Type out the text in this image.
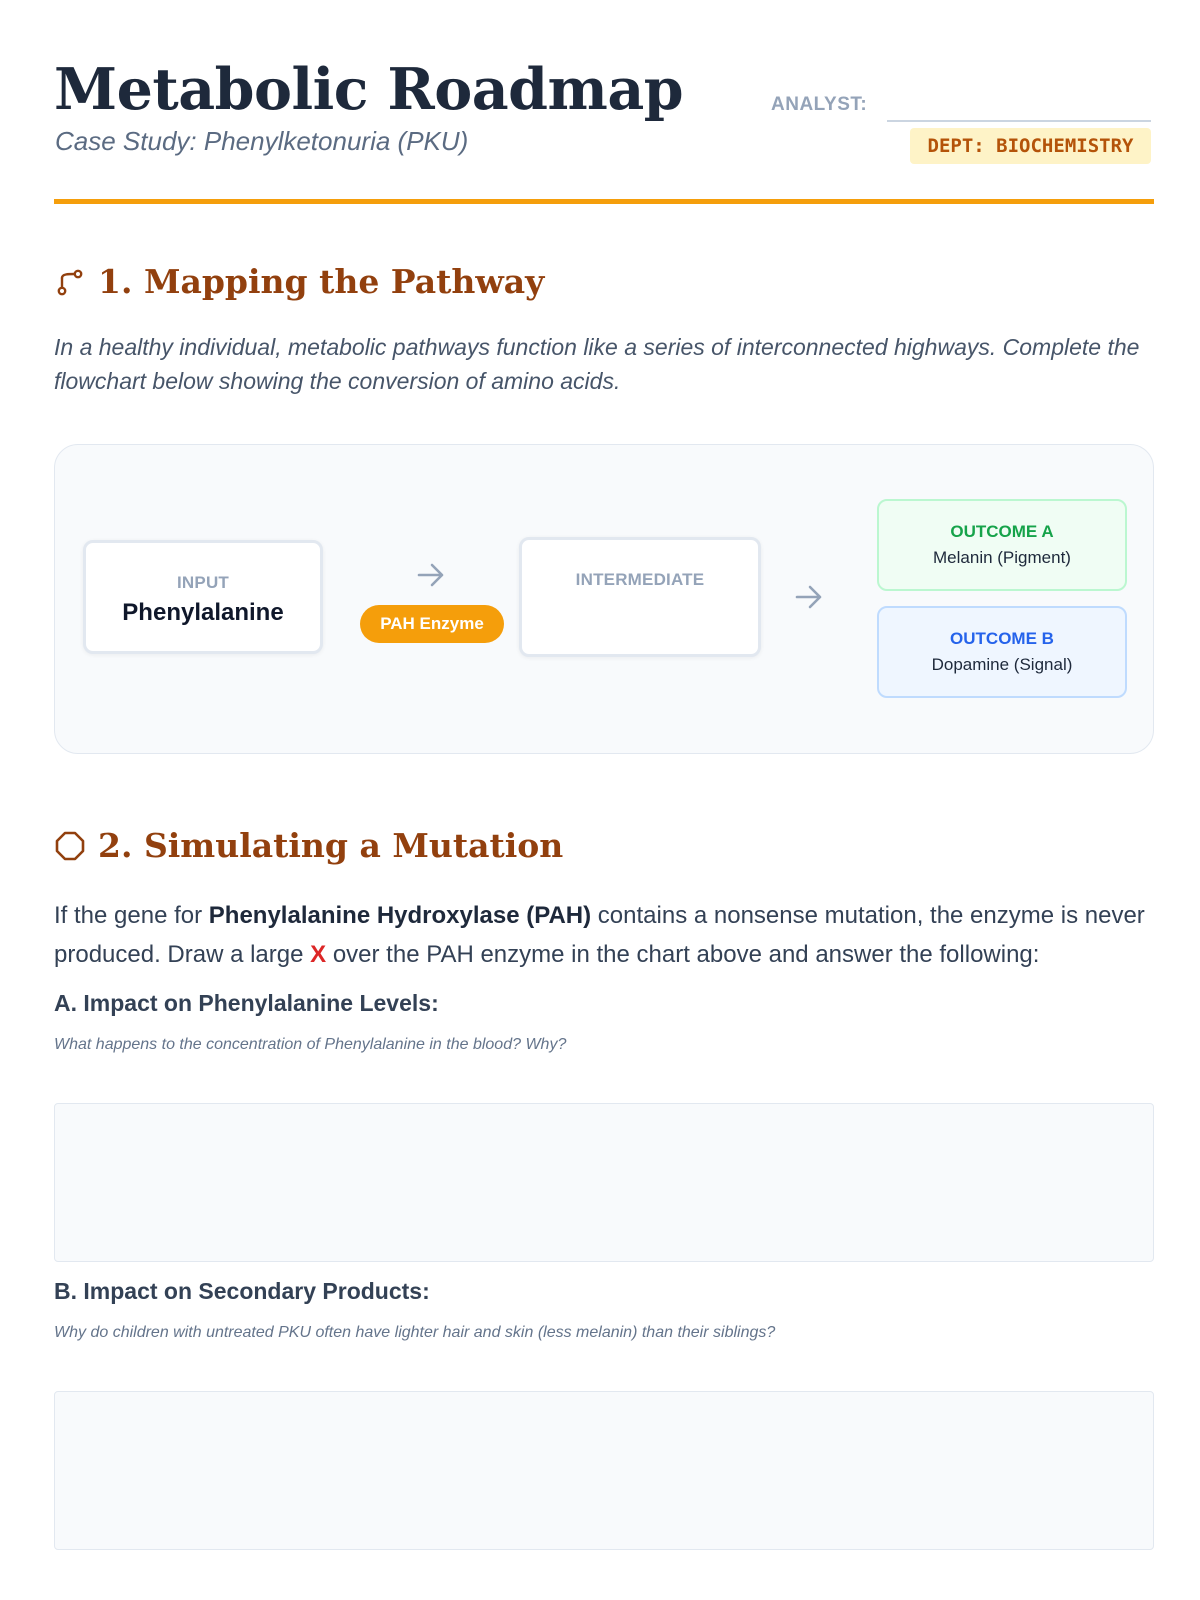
Metabolic Roadmap
Case Study: Phenylketonuria (PKU)
ANALYST:
DEPT: BIOCHEMISTRY
1. Mapping the Pathway
In a healthy individual, metabolic pathways function like a series of interconnected highways. Complete the flowchart below showing the conversion of amino acids.
INPUT
Phenylalanine	PAH Enzyme
INTERMEDIATE
OUTCOME A
Melanin (Pigment)
OUTCOME B
Dopamine (Signal)
2. Simulating a Mutation
If the gene for Phenylalanine Hydroxylase (PAH) contains a nonsense mutation, the enzyme is never produced. Draw a large X over the PAH enzyme in the chart above and answer the following:
A. Impact on Phenylalanine Levels:
What happens to the concentration of Phenylalanine in the blood? Why?
B. Impact on Secondary Products:
Why do children with untreated PKU often have lighter hair and skin (less melanin) than their siblings?
